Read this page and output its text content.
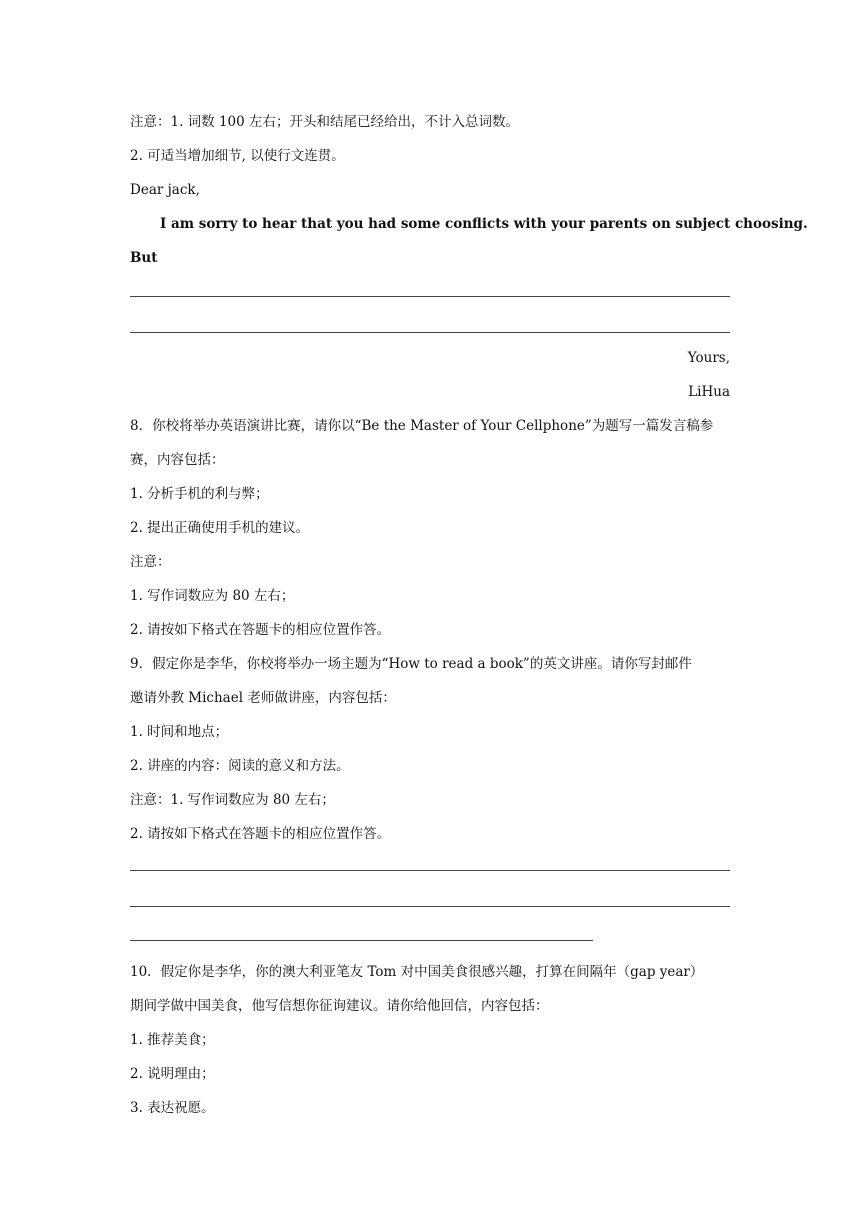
注意：1. 词数 100 左右；开头和结尾已经给出，不计入总词数。
2. 可适当增加细节, 以使行文连贯。
Dear jack,
I am sorry to hear that you had some conflicts with your parents on subject choosing.
But
Yours,
LiHua
8．你校将举办英语演讲比赛，请你以“Be the Master of Your Cellphone”为题写一篇发言稿参
赛，内容包括：
1. 分析手机的利与弊；
2. 提出正确使用手机的建议。
注意：
1. 写作词数应为 80 左右；
2. 请按如下格式在答题卡的相应位置作答。
9．假定你是李华，你校将举办一场主题为“How to read a book”的英文讲座。请你写封邮件
邀请外教 Michael 老师做讲座，内容包括：
1. 时间和地点；
2. 讲座的内容：阅读的意义和方法。
注意：1. 写作词数应为 80 左右；
2. 请按如下格式在答题卡的相应位置作答。
10．假定你是李华，你的澳大利亚笔友 Tom 对中国美食很感兴趣，打算在间隔年（gap year）
期间学做中国美食，他写信想你征询建议。请你给他回信，内容包括：
1. 推荐美食；
2. 说明理由；
3. 表达祝愿。
